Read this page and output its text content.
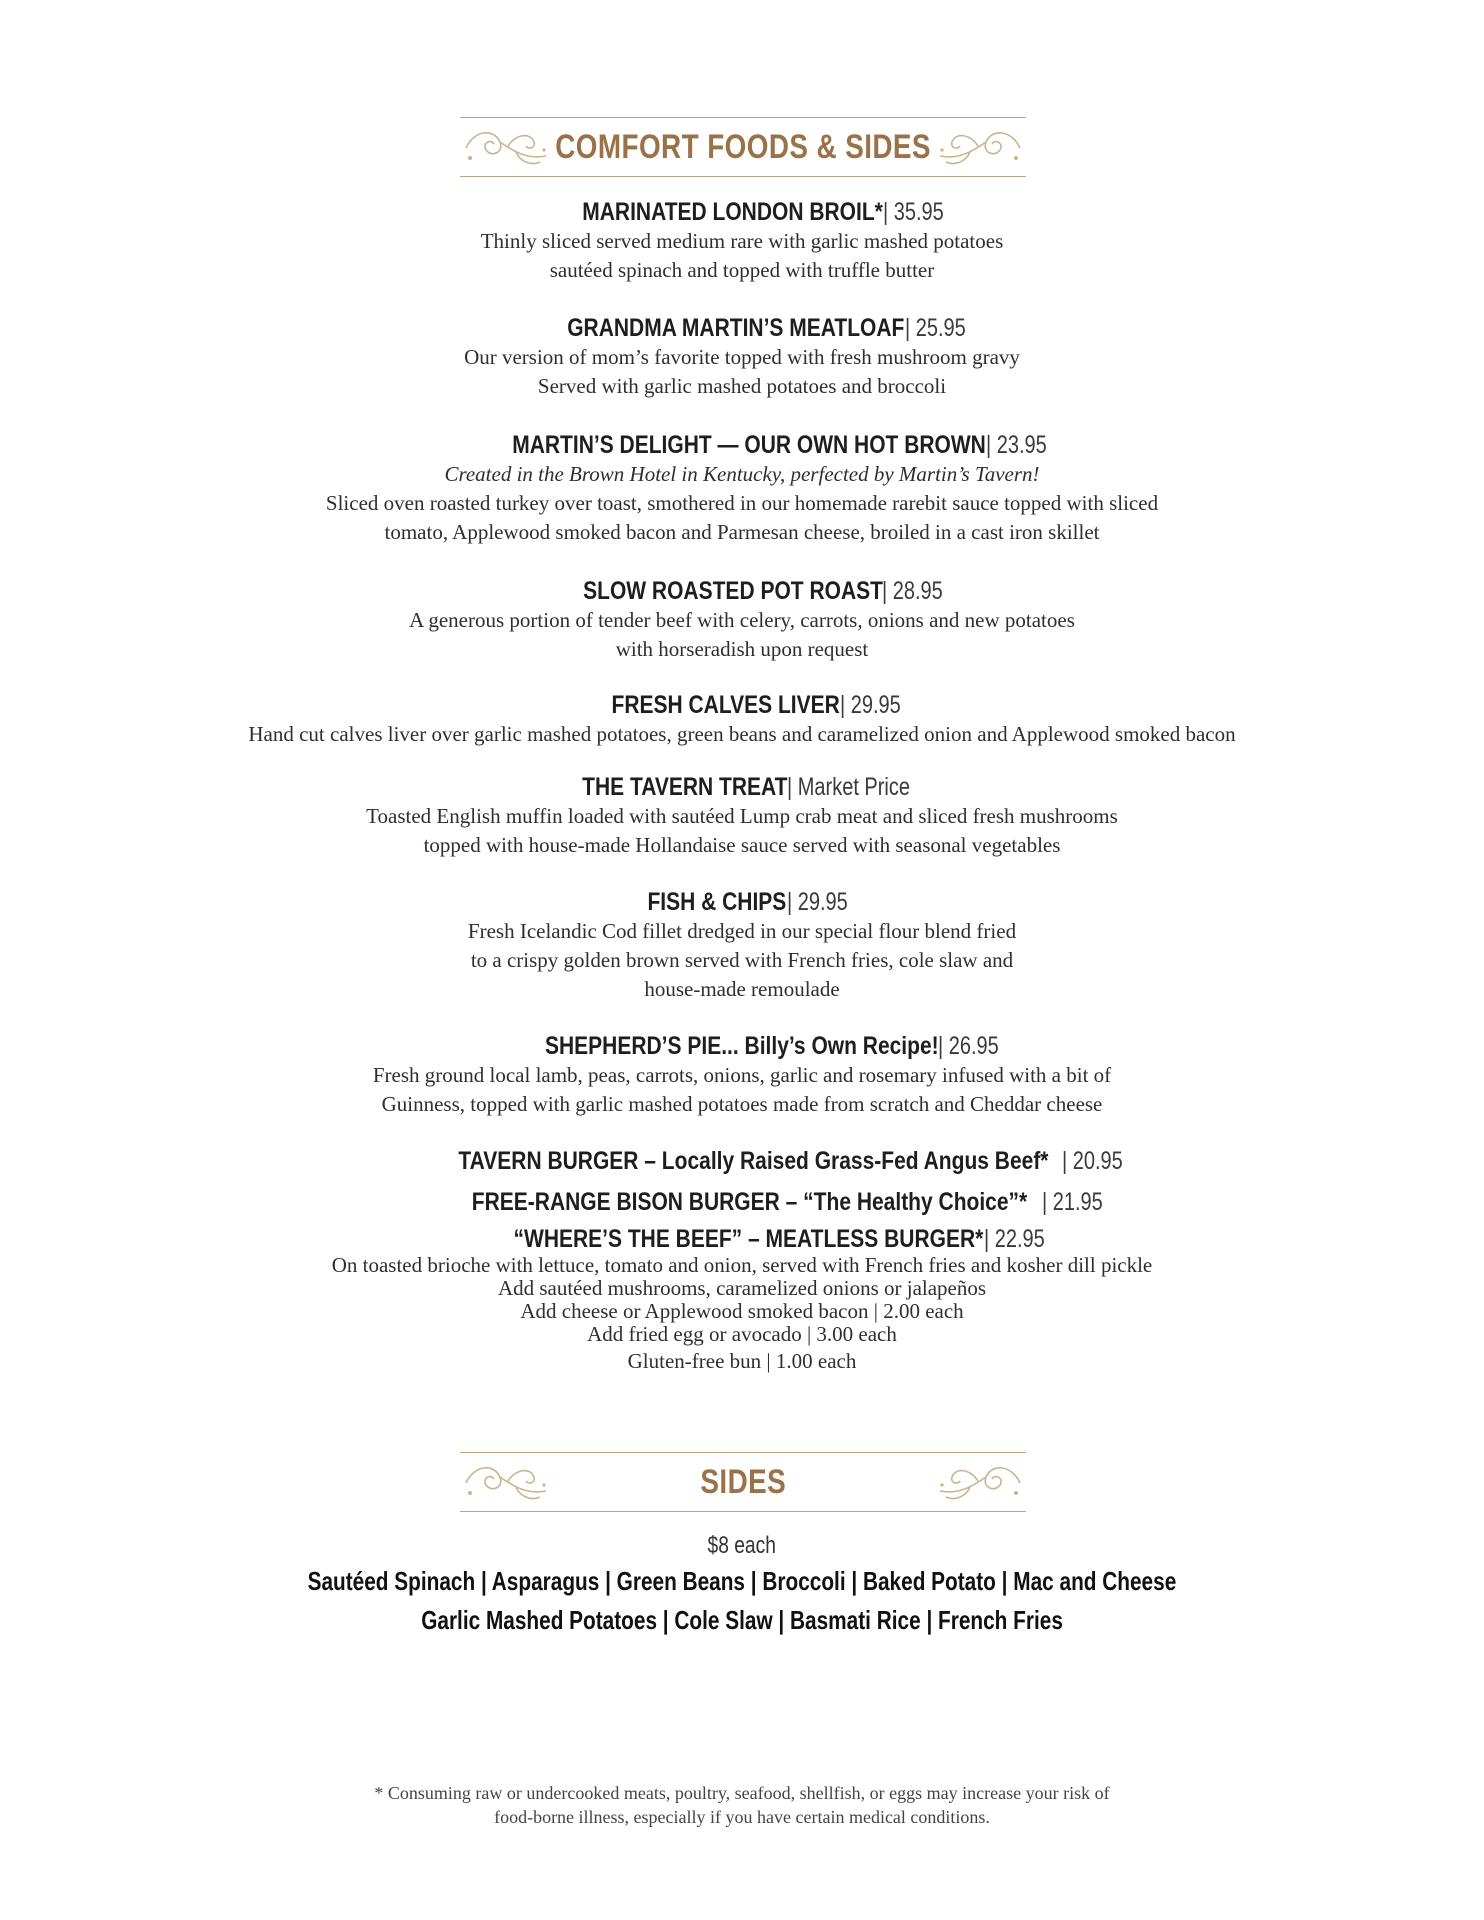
COMFORT FOODS & SIDES
MARINATED LONDON BROIL*| 35.95
Thinly sliced served medium rare with garlic mashed potatoes
sautéed spinach and topped with truffle butter
GRANDMA MARTIN’S MEATLOAF| 25.95
Our version of mom’s favorite topped with fresh mushroom gravy
Served with garlic mashed potatoes and broccoli
MARTIN’S DELIGHT — OUR OWN HOT BROWN| 23.95
Created in the Brown Hotel in Kentucky, perfected by Martin’s Tavern!
Sliced oven roasted turkey over toast, smothered in our homemade rarebit sauce topped with sliced
tomato, Applewood smoked bacon and Parmesan cheese, broiled in a cast iron skillet
SLOW ROASTED POT ROAST| 28.95
A generous portion of tender beef with celery, carrots, onions and new potatoes
with horseradish upon request
FRESH CALVES LIVER| 29.95
Hand cut calves liver over garlic mashed potatoes, green beans and caramelized onion and Applewood smoked bacon
THE TAVERN TREAT| Market Price
Toasted English muffin loaded with sautéed Lump crab meat and sliced fresh mushrooms
topped with house-made Hollandaise sauce served with seasonal vegetables
FISH & CHIPS| 29.95
Fresh Icelandic Cod fillet dredged in our special flour blend fried
to a crispy golden brown served with French fries, cole slaw and
house-made remoulade
SHEPHERD’S PIE... Billy’s Own Recipe!| 26.95
Fresh ground local lamb, peas, carrots, onions, garlic and rosemary infused with a bit of
Guinness, topped with garlic mashed potatoes made from scratch and Cheddar cheese
TAVERN BURGER – Locally Raised Grass-Fed Angus Beef* | 20.95
FREE-RANGE BISON BURGER – “The Healthy Choice”* | 21.95
“WHERE’S THE BEEF” – MEATLESS BURGER*| 22.95
On toasted brioche with lettuce, tomato and onion, served with French fries and kosher dill pickle
Add sautéed mushrooms, caramelized onions or jalapeños
Add cheese or Applewood smoked bacon | 2.00 each
Add fried egg or avocado | 3.00 each
Gluten-free bun | 1.00 each
SIDES
$8 each
Sautéed Spinach | Asparagus | Green Beans | Broccoli | Baked Potato | Mac and Cheese
Garlic Mashed Potatoes | Cole Slaw | Basmati Rice | French Fries
* Consuming raw or undercooked meats, poultry, seafood, shellfish, or eggs may increase your risk of
food-borne illness, especially if you have certain medical conditions.
